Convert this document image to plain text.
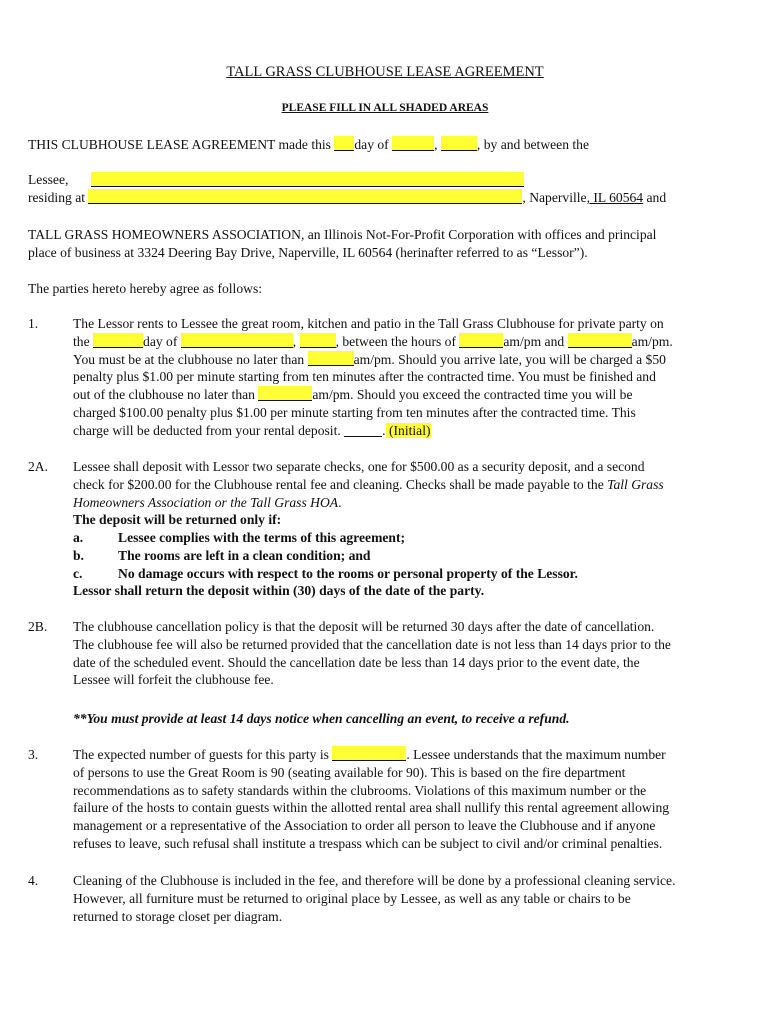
TALL GRASS CLUBHOUSE LEASE AGREEMENT
PLEASE FILL IN ALL SHADED AREAS
THIS CLUBHOUSE LEASE AGREEMENT made this day of	,	, by and between the
Lessee,
residing at	, Naperville, IL 60564 and
TALL GRASS HOMEOWNERS ASSOCIATION, an Illinois Not-For-Profit Corporation with offices and principal
place of business at 3324 Deering Bay Drive, Naperville, IL 60564 (herinafter referred to as “Lessor”).
The parties hereto hereby agree as follows:
1.	The Lessor rents to Lessee the great room, kitchen and patio in the Tall Grass Clubhouse for private party on
the	day of	,	, between the hours of	am/pm and	am/pm.
You must be at the clubhouse no later than	am/pm. Should you arrive late, you will be charged a $50
penalty plus $1.00 per minute starting from ten minutes after the contracted time. You must be finished and
out of the clubhouse no later than	am/pm. Should you exceed the contracted time you will be
charged $100.00 penalty plus $1.00 per minute starting from ten minutes after the contracted time. This
charge will be deducted from your rental deposit.	. (Initial)
2A. Lessee shall deposit with Lessor two separate checks, one for $500.00 as a security deposit, and a second
check for $200.00 for the Clubhouse rental fee and cleaning. Checks shall be made payable to the Tall Grass
Homeowners Association or the Tall Grass HOA.
The deposit will be returned only if:
a.	Lessee complies with the terms of this agreement;
b.	The rooms are left in a clean condition; and
c.	No damage occurs with respect to the rooms or personal property of the Lessor.
Lessor shall return the deposit within (30) days of the date of the party.
2B. The clubhouse cancellation policy is that the deposit will be returned 30 days after the date of cancellation.
The clubhouse fee will also be returned provided that the cancellation date is not less than 14 days prior to the
date of the scheduled event. Should the cancellation date be less than 14 days prior to the event date, the
Lessee will forfeit the clubhouse fee.
**You must provide at least 14 days notice when cancelling an event, to receive a refund.
3.	The expected number of guests for this party is	. Lessee understands that the maximum number
of persons to use the Great Room is 90 (seating available for 90). This is based on the fire department
recommendations as to safety standards within the clubrooms. Violations of this maximum number or the
failure of the hosts to contain guests within the allotted rental area shall nullify this rental agreement allowing
management or a representative of the Association to order all person to leave the Clubhouse and if anyone
refuses to leave, such refusal shall institute a trespass which can be subject to civil and/or criminal penalties.
4.	Cleaning of the Clubhouse is included in the fee, and therefore will be done by a professional cleaning service.
However, all furniture must be returned to original place by Lessee, as well as any table or chairs to be
returned to storage closet per diagram.
